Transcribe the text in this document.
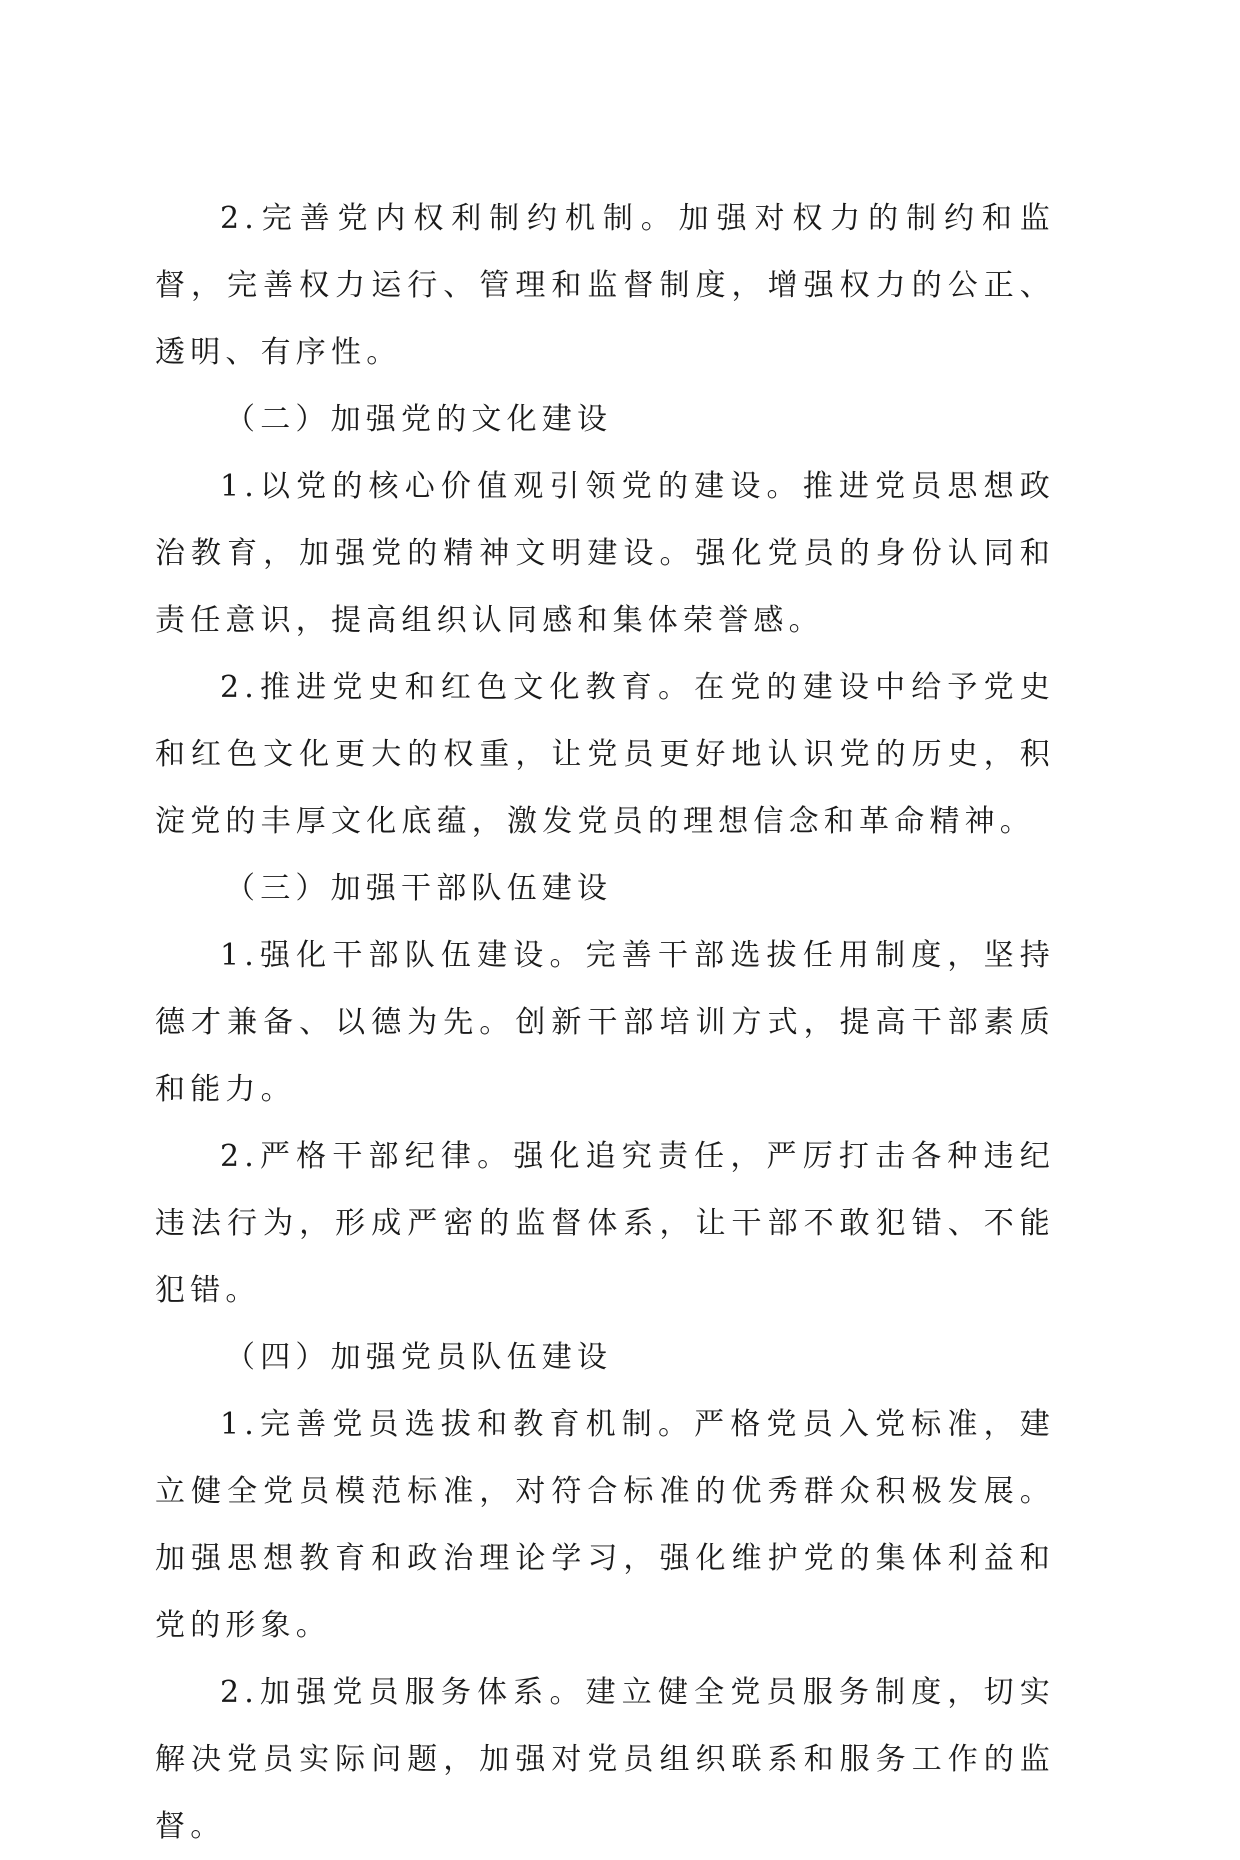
2.完善党内权利制约机制。加强对权力的制约和监督，完善权力运行、管理和监督制度，增强权力的公正、透明、有序性。

（二）加强党的文化建设

1.以党的核心价值观引领党的建设。推进党员思想政治教育，加强党的精神文明建设。强化党员的身份认同和责任意识，提高组织认同感和集体荣誉感。

2.推进党史和红色文化教育。在党的建设中给予党史和红色文化更大的权重，让党员更好地认识党的历史，积淀党的丰厚文化底蕴，激发党员的理想信念和革命精神。

（三）加强干部队伍建设

1.强化干部队伍建设。完善干部选拔任用制度，坚持德才兼备、以德为先。创新干部培训方式，提高干部素质和能力。

2.严格干部纪律。强化追究责任，严厉打击各种违纪违法行为，形成严密的监督体系，让干部不敢犯错、不能犯错。

（四）加强党员队伍建设

1.完善党员选拔和教育机制。严格党员入党标准，建立健全党员模范标准，对符合标准的优秀群众积极发展。加强思想教育和政治理论学习，强化维护党的集体利益和党的形象。

2.加强党员服务体系。建立健全党员服务制度，切实解决党员实际问题，加强对党员组织联系和服务工作的监督。
